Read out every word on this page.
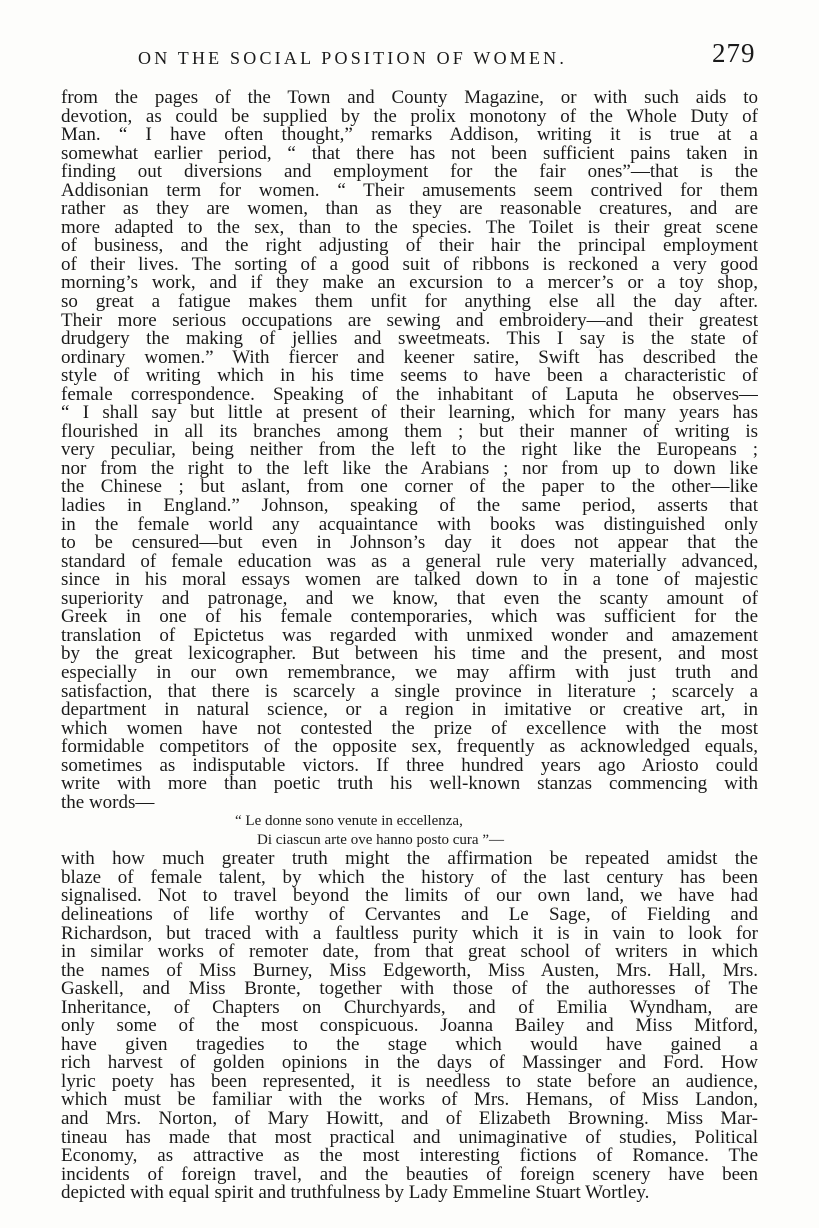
ON THE SOCIAL POSITION OF WOMEN.	279
from the pages of the Town and County Magazine, or with such aids to
devotion, as could be supplied by the prolix monotony of the Whole Duty of
Man. “ I have often thought,” remarks Addison, writing it is true at a
somewhat earlier period, “ that there has not been sufficient pains taken in
finding out diversions and employment for the fair ones”—that is the
Addisonian term for women. “ Their amusements seem contrived for them
rather as they are women, than as they are reasonable creatures, and are
more adapted to the sex, than to the species. The Toilet is their great scene
of business, and the right adjusting of their hair the principal employment
of their lives. The sorting of a good suit of ribbons is reckoned a very good
morning’s work, and if they make an excursion to a mercer’s or a toy shop,
so great a fatigue makes them unfit for anything else all the day after.
Their more serious occupations are sewing and embroidery—and their greatest
drudgery the making of jellies and sweetmeats. This I say is the state of
ordinary women.” With fiercer and keener satire, Swift has described the
style of writing which in his time seems to have been a characteristic of
female correspondence. Speaking of the inhabitant of Laputa he observes—
“ I shall say but little at present of their learning, which for many years has
flourished in all its branches among them ; but their manner of writing is
very peculiar, being neither from the left to the right like the Europeans ;
nor from the right to the left like the Arabians ; nor from up to down like
the Chinese ; but aslant, from one corner of the paper to the other—like
ladies in England.” Johnson, speaking of the same period, asserts that
in the female world any acquaintance with books was distinguished only
to be censured—but even in Johnson’s day it does not appear that the
standard of female education was as a general rule very materially advanced,
since in his moral essays women are talked down to in a tone of majestic
superiority and patronage, and we know, that even the scanty amount of
Greek in one of his female contemporaries, which was sufficient for the
translation of Epictetus was regarded with unmixed wonder and amazement
by the great lexicographer. But between his time and the present, and most
especially in our own remembrance, we may affirm with just truth and
satisfaction, that there is scarcely a single province in literature ; scarcely a
department in natural science, or a region in imitative or creative art, in
which women have not contested the prize of excellence with the most
formidable competitors of the opposite sex, frequently as acknowledged equals,
sometimes as indisputable victors. If three hundred years ago Ariosto could
write with more than poetic truth his well-known stanzas commencing with
the words—
“ Le donne sono venute in eccellenza,
Di ciascun arte ove hanno posto cura ”—
with how much greater truth might the affirmation be repeated amidst the
blaze of female talent, by which the history of the last century has been
signalised. Not to travel beyond the limits of our own land, we have had
delineations of life worthy of Cervantes and Le Sage, of Fielding and
Richardson, but traced with a faultless purity which it is in vain to look for
in similar works of remoter date, from that great school of writers in which
the names of Miss Burney, Miss Edgeworth, Miss Austen, Mrs. Hall, Mrs.
Gaskell, and Miss Bronte, together with those of the authoresses of The
Inheritance, of Chapters on Churchyards, and of Emilia Wyndham, are
only some of the most conspicuous. Joanna Bailey and Miss Mitford,
have given tragedies to the stage which would have gained a
rich harvest of golden opinions in the days of Massinger and Ford. How
lyric poety has been represented, it is needless to state before an audience,
which must be familiar with the works of Mrs. Hemans, of Miss Landon,
and Mrs. Norton, of Mary Howitt, and of Elizabeth Browning. Miss Mar-
tineau has made that most practical and unimaginative of studies, Political
Economy, as attractive as the most interesting fictions of Romance. The
incidents of foreign travel, and the beauties of foreign scenery have been
depicted with equal spirit and truthfulness by Lady Emmeline Stuart Wortley.
